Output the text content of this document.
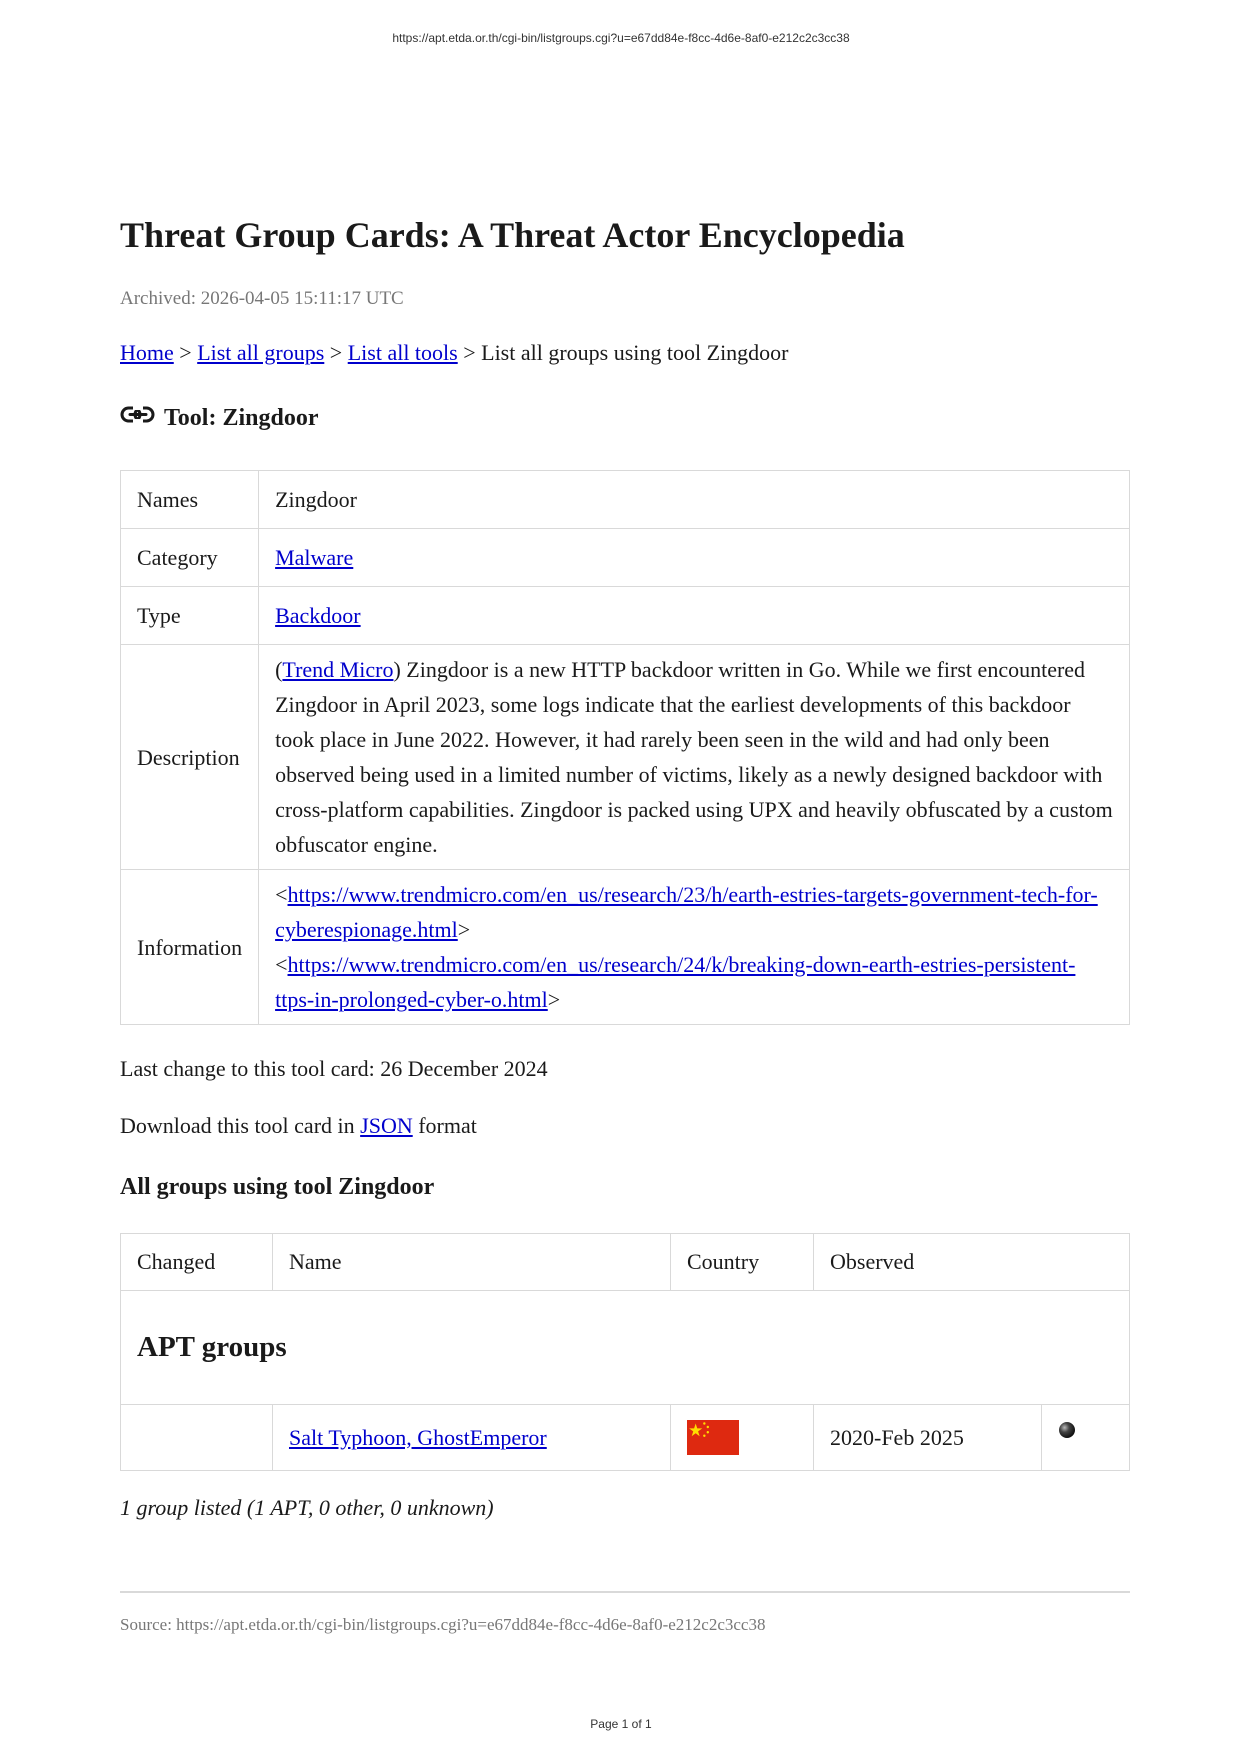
https://apt.etda.or.th/cgi-bin/listgroups.cgi?u=e67dd84e-f8cc-4d6e-8af0-e212c2c3cc38
Threat Group Cards: A Threat Actor Encyclopedia
Archived: 2026-04-05 15:11:17 UTC
Home > List all groups > List all tools > List all groups using tool Zingdoor
Tool: Zingdoor
Names	Zingdoor
Category	Malware
Type	Backdoor
Description	(Trend Micro) Zingdoor is a new HTTP backdoor written in Go. While we first encountered Zingdoor in April 2023, some logs indicate that the earliest developments of this backdoor took place in June 2022. However, it had rarely been seen in the wild and had only been observed being used in a limited number of victims, likely as a newly designed backdoor with cross-platform capabilities. Zingdoor is packed using UPX and heavily obfuscated by a custom obfuscator engine.
Information	<https://www.trendmicro.com/en_us/research/23/h/earth-estries-targets-government-tech-for-cyberespionage.html>
<https://www.trendmicro.com/en_us/research/24/k/breaking-down-earth-estries-persistent-ttps-in-prolonged-cyber-o.html>
Last change to this tool card: 26 December 2024
Download this tool card in JSON format
All groups using tool Zingdoor
Changed	Name	Country	Observed	
APT groups				
	Salt Typhoon, GhostEmperor		2020-Feb 2025	
1 group listed (1 APT, 0 other, 0 unknown)
Source: https://apt.etda.or.th/cgi-bin/listgroups.cgi?u=e67dd84e-f8cc-4d6e-8af0-e212c2c3cc38
Page 1 of 1
